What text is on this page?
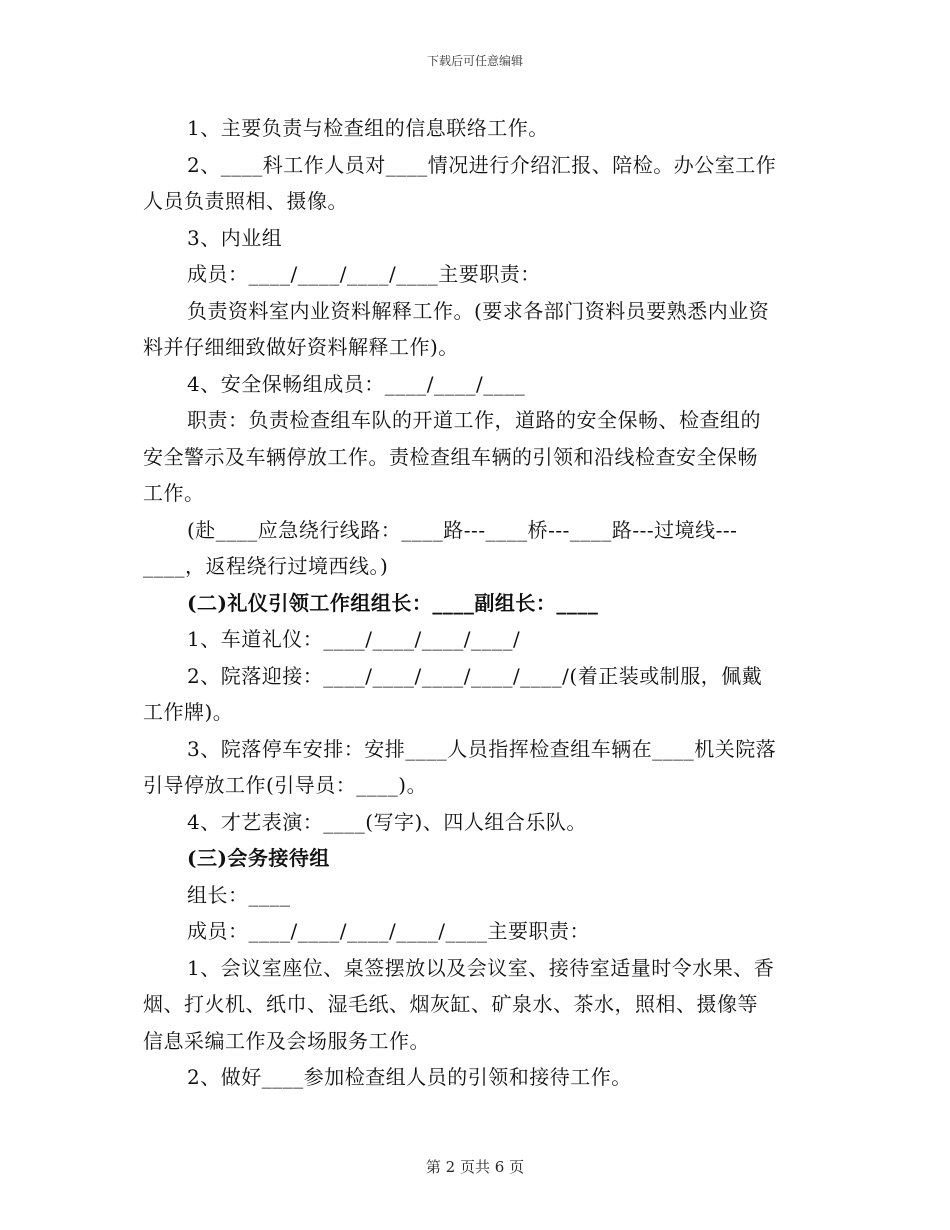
下载后可任意编辑

1、主要负责与检查组的信息联络工作。

2、____科工作人员对____情况进行介绍汇报、陪检。办公室工作

人员负责照相、摄像。

3、内业组

成员：____/____/____/____主要职责：

负责资料室内业资料解释工作。(要求各部门资料员要熟悉内业资

料并仔细细致做好资料解释工作)。

4、安全保畅组成员：____/____/____

职责：负责检查组车队的开道工作，道路的安全保畅、检查组的

安全警示及车辆停放工作。责检查组车辆的引领和沿线检查安全保畅

工作。

(赴____应急绕行线路：____路---____桥---____路---过境线---

____，返程绕行过境西线。)

(二)礼仪引领工作组组长：____副组长：____

1、车道礼仪：____/____/____/____/

2、院落迎接：____/____/____/____/____/(着正装或制服，佩戴

工作牌)。

3、院落停车安排：安排____人员指挥检查组车辆在____机关院落

引导停放工作(引导员：____)。

4、才艺表演：____(写字)、四人组合乐队。

(三)会务接待组

组长：____

成员：____/____/____/____/____主要职责：

1、会议室座位、桌签摆放以及会议室、接待室适量时令水果、香

烟、打火机、纸巾、湿毛纸、烟灰缸、矿泉水、茶水，照相、摄像等

信息采编工作及会场服务工作。

2、做好____参加检查组人员的引领和接待工作。

第 2 页共 6 页
